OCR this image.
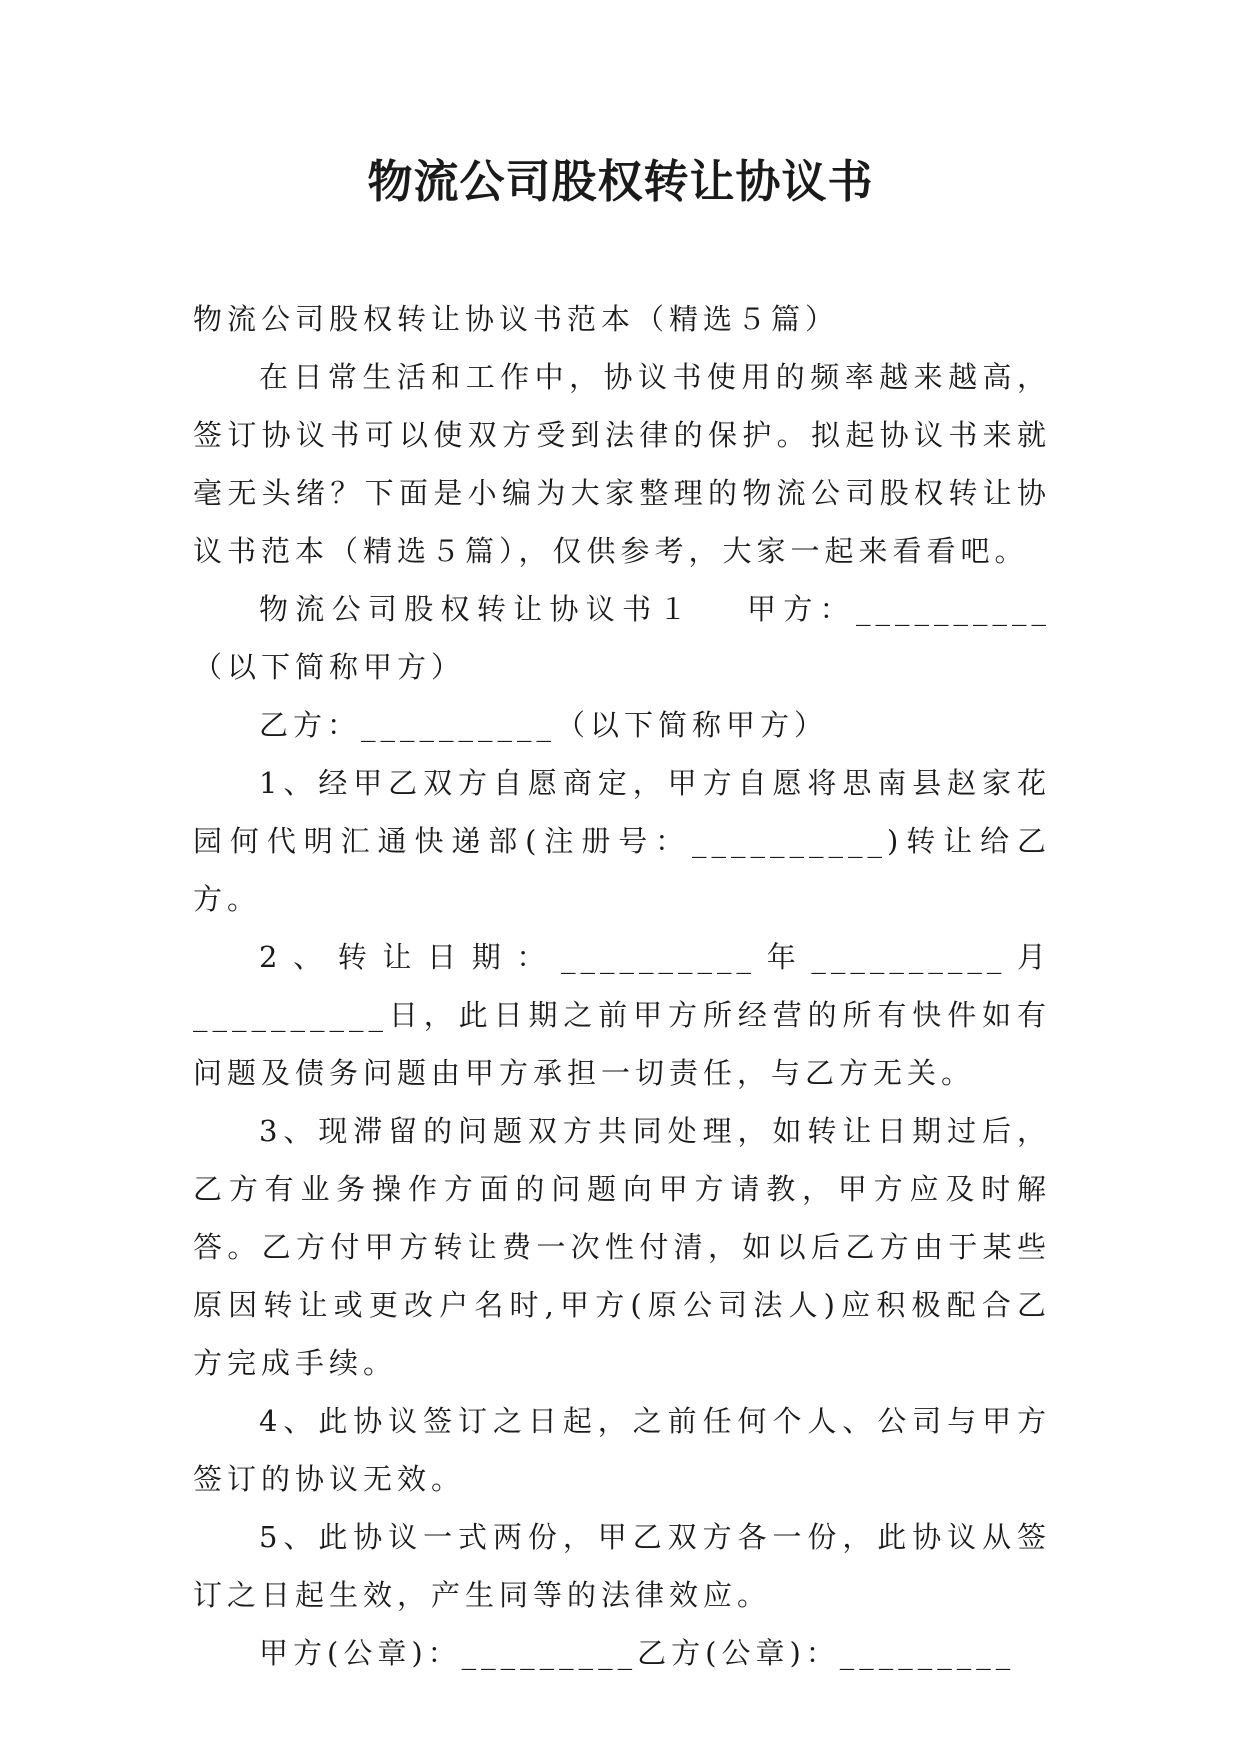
物流公司股权转让协议书

物流公司股权转让协议书范本（精选５篇）

在日常生活和工作中，协议书使用的频率越来越高，签订协议书可以使双方受到法律的保护。拟起协议书来就毫无头绪？下面是小编为大家整理的物流公司股权转让协议书范本（精选５篇），仅供参考，大家一起来看看吧。

物流公司股权转让协议书１ 甲方：__________（以下简称甲方）

乙方：__________（以下简称甲方）

1、经甲乙双方自愿商定，甲方自愿将思南县赵家花园何代明汇通快递部(注册号：__________)转让给乙方。

2、转让日期：__________年__________月__________日，此日期之前甲方所经营的所有快件如有问题及债务问题由甲方承担一切责任，与乙方无关。

3、现滞留的问题双方共同处理，如转让日期过后，乙方有业务操作方面的问题向甲方请教，甲方应及时解答。乙方付甲方转让费一次性付清，如以后乙方由于某些原因转让或更改户名时,甲方(原公司法人)应积极配合乙方完成手续。

4、此协议签订之日起，之前任何个人、公司与甲方签订的协议无效。

5、此协议一式两份，甲乙双方各一份，此协议从签订之日起生效，产生同等的法律效应。

甲方(公章)：_________乙方(公章)：_________
